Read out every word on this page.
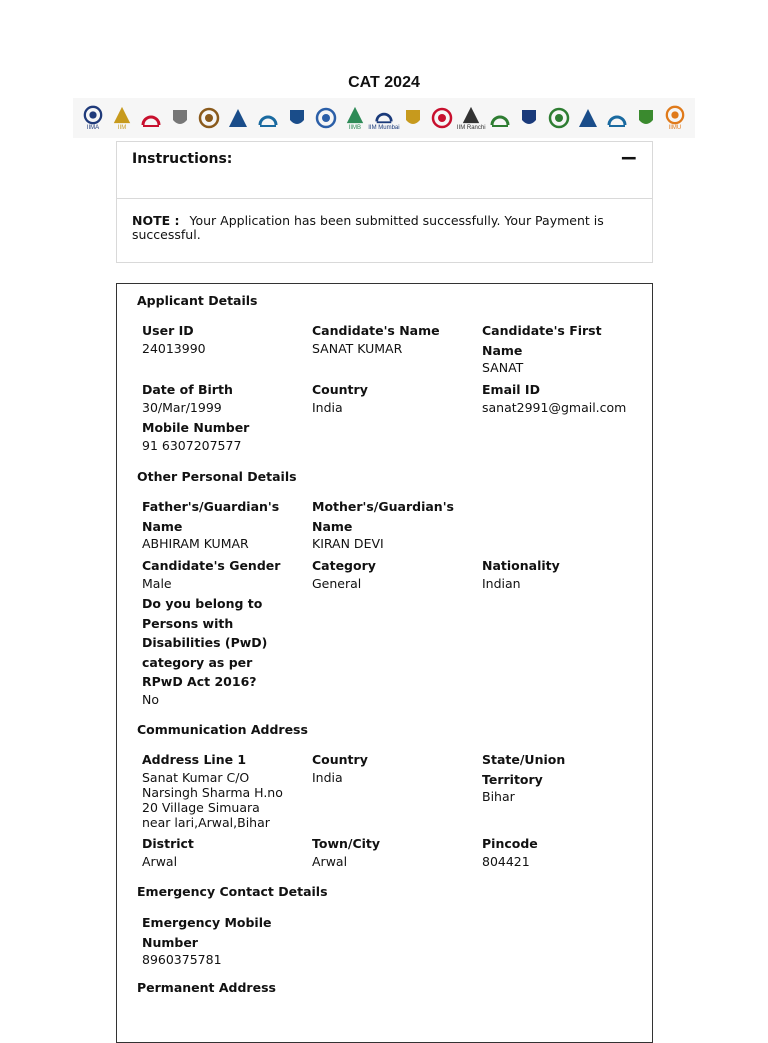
CAT 2024
IIMA	IIM	IIMB IIM Mumbai	IIM Ranchi	IIMU
Instructions:	−
NOTE : Your Application has been submitted successfully. Your Payment is successful.
Applicant Details
User ID
24013990
Candidate's Name
SANAT KUMAR
Candidate's First Name
SANAT
Date of Birth
30/Mar/1999
Country
India
Email ID
sanat2991@gmail.com
Mobile Number
91 6307207577
Other Personal Details
Father's/Guardian's Name
ABHIRAM KUMAR
Mother's/Guardian's Name
KIRAN DEVI
Candidate's Gender
Male
Category
General
Nationality
Indian
Do you belong to Persons with Disabilities (PwD) category as per RPwD Act 2016?
No
Communication Address
Address Line 1
Sanat Kumar C/O Narsingh Sharma H.no 20 Village Simuara near lari,Arwal,Bihar
Country
India
State/Union Territory
Bihar
District
Arwal
Town/City
Arwal
Pincode
804421
Emergency Contact Details
Emergency Mobile Number
8960375781
Permanent Address
